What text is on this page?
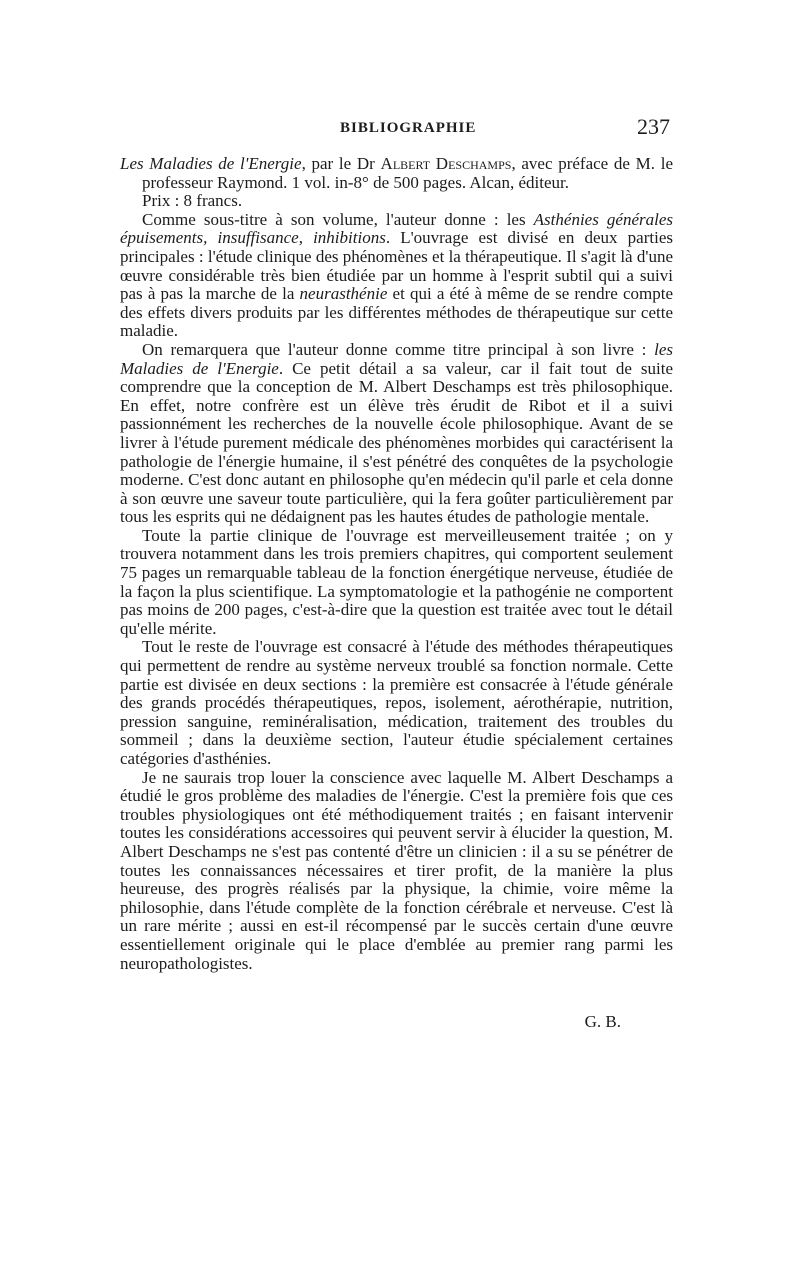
BIBLIOGRAPHIE	237

Les Maladies de l'Energie, par le Dr Albert Deschamps, avec préface de M. le professeur Raymond. 1 vol. in-8° de 500 pages. Alcan, éditeur.

Prix : 8 francs.

Comme sous-titre à son volume, l'auteur donne : les Asthénies générales épuisements, insuffisance, inhibitions. L'ouvrage est divisé en deux parties principales : l'étude clinique des phénomènes et la thérapeutique. Il s'agit là d'une œuvre considérable très bien étudiée par un homme à l'esprit subtil qui a suivi pas à pas la marche de la neurasthénie et qui a été à même de se rendre compte des effets divers produits par les différentes méthodes de thérapeutique sur cette maladie.

On remarquera que l'auteur donne comme titre principal à son livre : les Maladies de l'Energie. Ce petit détail a sa valeur, car il fait tout de suite comprendre que la conception de M. Albert Deschamps est très philosophique. En effet, notre confrère est un élève très érudit de Ribot et il a suivi passionnément les recherches de la nouvelle école philosophique. Avant de se livrer à l'étude purement médicale des phénomènes morbides qui caractérisent la pathologie de l'énergie humaine, il s'est pénétré des conquêtes de la psychologie moderne. C'est donc autant en philosophe qu'en médecin qu'il parle et cela donne à son œuvre une saveur toute particulière, qui la fera goûter particulièrement par tous les esprits qui ne dédaignent pas les hautes études de pathologie mentale.

Toute la partie clinique de l'ouvrage est merveilleusement traitée ; on y trouvera notamment dans les trois premiers chapitres, qui comportent seulement 75 pages un remarquable tableau de la fonction énergétique nerveuse, étudiée de la façon la plus scientifique. La symptomatologie et la pathogénie ne comportent pas moins de 200 pages, c'est-à-dire que la question est traitée avec tout le détail qu'elle mérite.

Tout le reste de l'ouvrage est consacré à l'étude des méthodes thérapeutiques qui permettent de rendre au système nerveux troublé sa fonction normale. Cette partie est divisée en deux sections : la première est consacrée à l'étude générale des grands procédés thérapeutiques, repos, isolement, aérothérapie, nutrition, pression sanguine, reminéralisation, médication, traitement des troubles du sommeil ; dans la deuxième section, l'auteur étudie spécialement certaines catégories d'asthénies.

Je ne saurais trop louer la conscience avec laquelle M. Albert Deschamps a étudié le gros problème des maladies de l'énergie. C'est la première fois que ces troubles physiologiques ont été méthodiquement traités ; en faisant intervenir toutes les considérations accessoires qui peuvent servir à élucider la question, M. Albert Deschamps ne s'est pas contenté d'être un clinicien : il a su se pénétrer de toutes les connaissances nécessaires et tirer profit, de la manière la plus heureuse, des progrès réalisés par la physique, la chimie, voire même la philosophie, dans l'étude complète de la fonction cérébrale et nerveuse. C'est là un rare mérite ; aussi en est-il récompensé par le succès certain d'une œuvre essentiellement originale qui le place d'emblée au premier rang parmi les neuropathologistes.

G. B.
